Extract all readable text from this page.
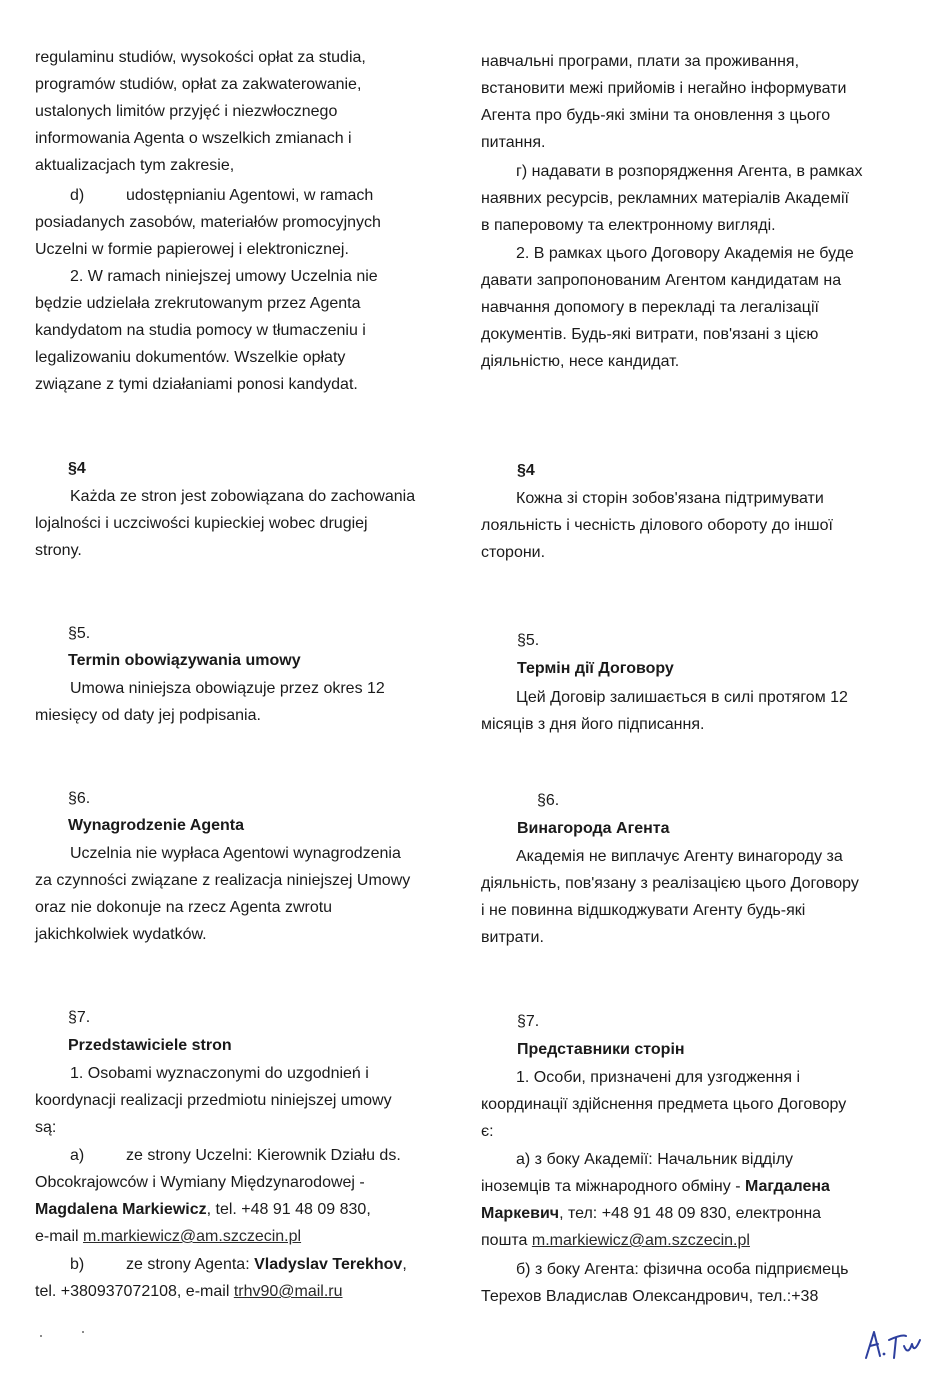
regulaminu studiów, wysokości opłat za studia,

programów studiów, opłat za zakwaterowanie,

ustalonych limitów przyjęć i niezwłocznego

informowania Agenta o wszelkich zmianach i

aktualizacjach tym zakresie,

d)	udostępnianiu Agentowi, w ramach

posiadanych zasobów, materiałów promocyjnych

Uczelni w formie papierowej i elektronicznej.

2. W ramach niniejszej umowy Uczelnia nie

będzie udzielała zrekrutowanym przez Agenta

kandydatom na studia pomocy w tłumaczeniu i

legalizowaniu dokumentów. Wszelkie opłaty

związane z tymi działaniami ponosi kandydat.

§4

Każda ze stron jest zobowiązana do zachowania

lojalności i uczciwości kupieckiej wobec drugiej

strony.

§5.

Termin obowiązywania umowy

Umowa niniejsza obowiązuje przez okres 12

miesięcy od daty jej podpisania.

§6.

Wynagrodzenie Agenta

Uczelnia nie wypłaca Agentowi wynagrodzenia

za czynności związane z realizacja niniejszej Umowy

oraz nie dokonuje na rzecz Agenta zwrotu

jakichkolwiek wydatków.

§7.

Przedstawiciele stron

1. Osobami wyznaczonymi do uzgodnień i

koordynacji realizacji przedmiotu niniejszej umowy

są:

a)	ze strony Uczelni: Kierownik Działu ds.

Obcokrajowców i Wymiany Międzynarodowej -

Magdalena Markiewicz, tel. +48 91 48 09 830,

e-mail m.markiewicz@am.szczecin.pl

b)	ze strony Agenta: Vladyslav Terekhov,

tel. +380937072108, e-mail trhv90@mail.ru

навчальні програми, плати за проживання,

встановити межі прийомів і негайно інформувати

Агента про будь-які зміни та оновлення з цього

питання.

г) надавати в розпорядження Агента, в рамках

наявних ресурсів, рекламних матеріалів Академії

в паперовому та електронному вигляді.

2. В рамках цього Договору Академія не буде

давати запропонованим Агентом кандидатам на

навчання допомогу в перекладі та легалізації

документів. Будь-які витрати, пов'язані з цією

діяльністю, несе кандидат.

§4

Кожна зі сторін зобов'язана підтримувати

лояльність і чесність ділового обороту до іншої

сторони.

§5.

Термін дії Договору

Цей Договір залишається в силі протягом 12

місяців з дня його підписання.

§6.

Винагорода Агента

Академія не виплачує Агенту винагороду за

діяльність, пов'язану з реалізацією цього Договору

і не повинна відшкоджувати Агенту будь-які

витрати.

§7.

Представники сторін

1. Особи, призначені для узгодження і

координації здійснення предмета цього Договору

є:

а) з боку Академії: Начальник відділу

іноземців та міжнародного обміну - Магдалена

Маркевич, тел: +48 91 48 09 830, електронна

пошта m.markiewicz@am.szczecin.pl

б) з боку Агента: фізична особа підприємець

Терехов Владислав Олександрович, тел.:+38
